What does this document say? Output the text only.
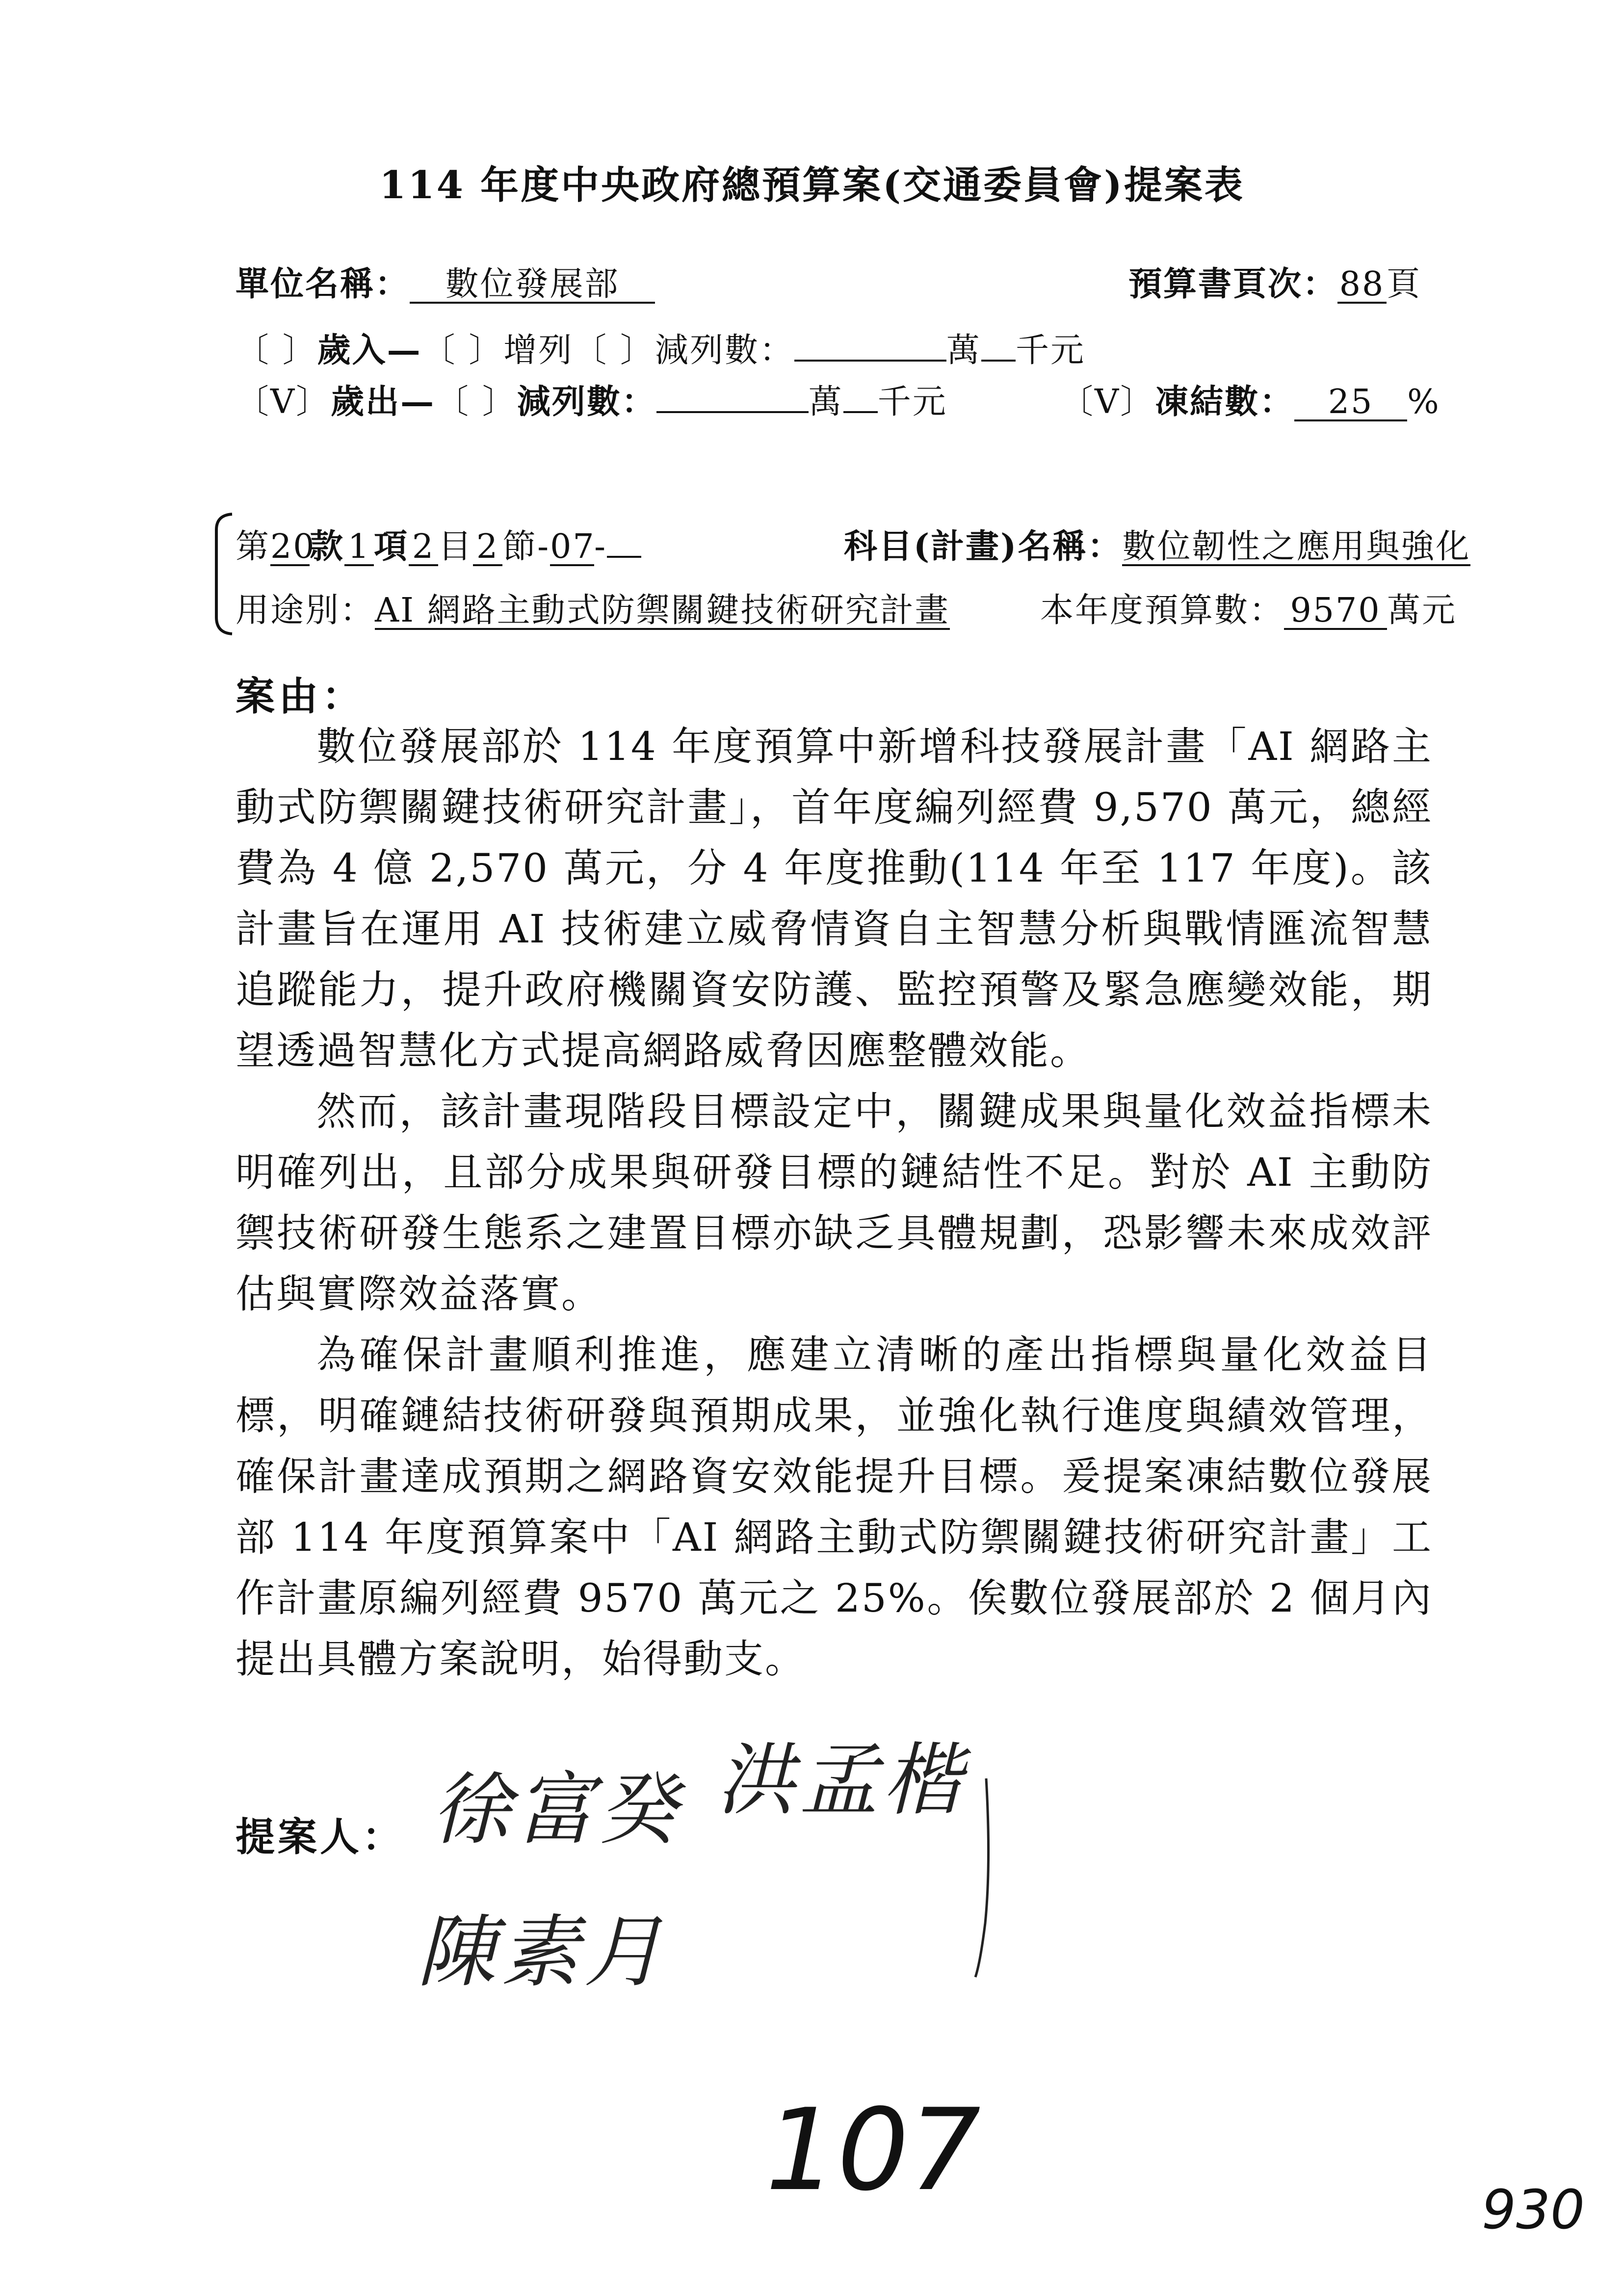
114 年度中央政府總預算案(交通委員會)提案表
單位名稱： 數位發展部	預算書頁次：88頁
〔 〕歲入—〔 〕增列〔 〕減列數：	萬 千元
〔V〕歲出—〔 〕減列數：	萬 千元	〔V〕凍結數： 25 %
第20款 1 項 2 目 2 節-07-	科目(計畫)名稱：數位韌性之應用與強化
用途別：AI 網路主動式防禦關鍵技術研究計畫	本年度預算數： 9570 萬元
案由：

數位發展部於 114 年度預算中新增科技發展計畫「AI 網路主動式防禦關鍵技術研究計畫」，首年度編列經費 9,570 萬元，總經費為 4 億 2,570 萬元，分 4 年度推動(114 年至 117 年度)。該計畫旨在運用 AI 技術建立威脅情資自主智慧分析與戰情匯流智慧追蹤能力，提升政府機關資安防護、監控預警及緊急應變效能，期望透過智慧化方式提高網路威脅因應整體效能。

然而，該計畫現階段目標設定中，關鍵成果與量化效益指標未明確列出，且部分成果與研發目標的鏈結性不足。對於 AI 主動防禦技術研發生態系之建置目標亦缺乏具體規劃，恐影響未來成效評估與實際效益落實。

為確保計畫順利推進，應建立清晰的產出指標與量化效益目標，明確鏈結技術研發與預期成果，並強化執行進度與績效管理，確保計畫達成預期之網路資安效能提升目標。爰提案凍結數位發展部 114 年度預算案中「AI 網路主動式防禦關鍵技術研究計畫」工作計畫原編列經費 9570 萬元之 25%。俟數位發展部於 2 個月內提出具體方案說明，始得動支。

提案人： 徐富癸 洪孟楷
陳素月
107	930
